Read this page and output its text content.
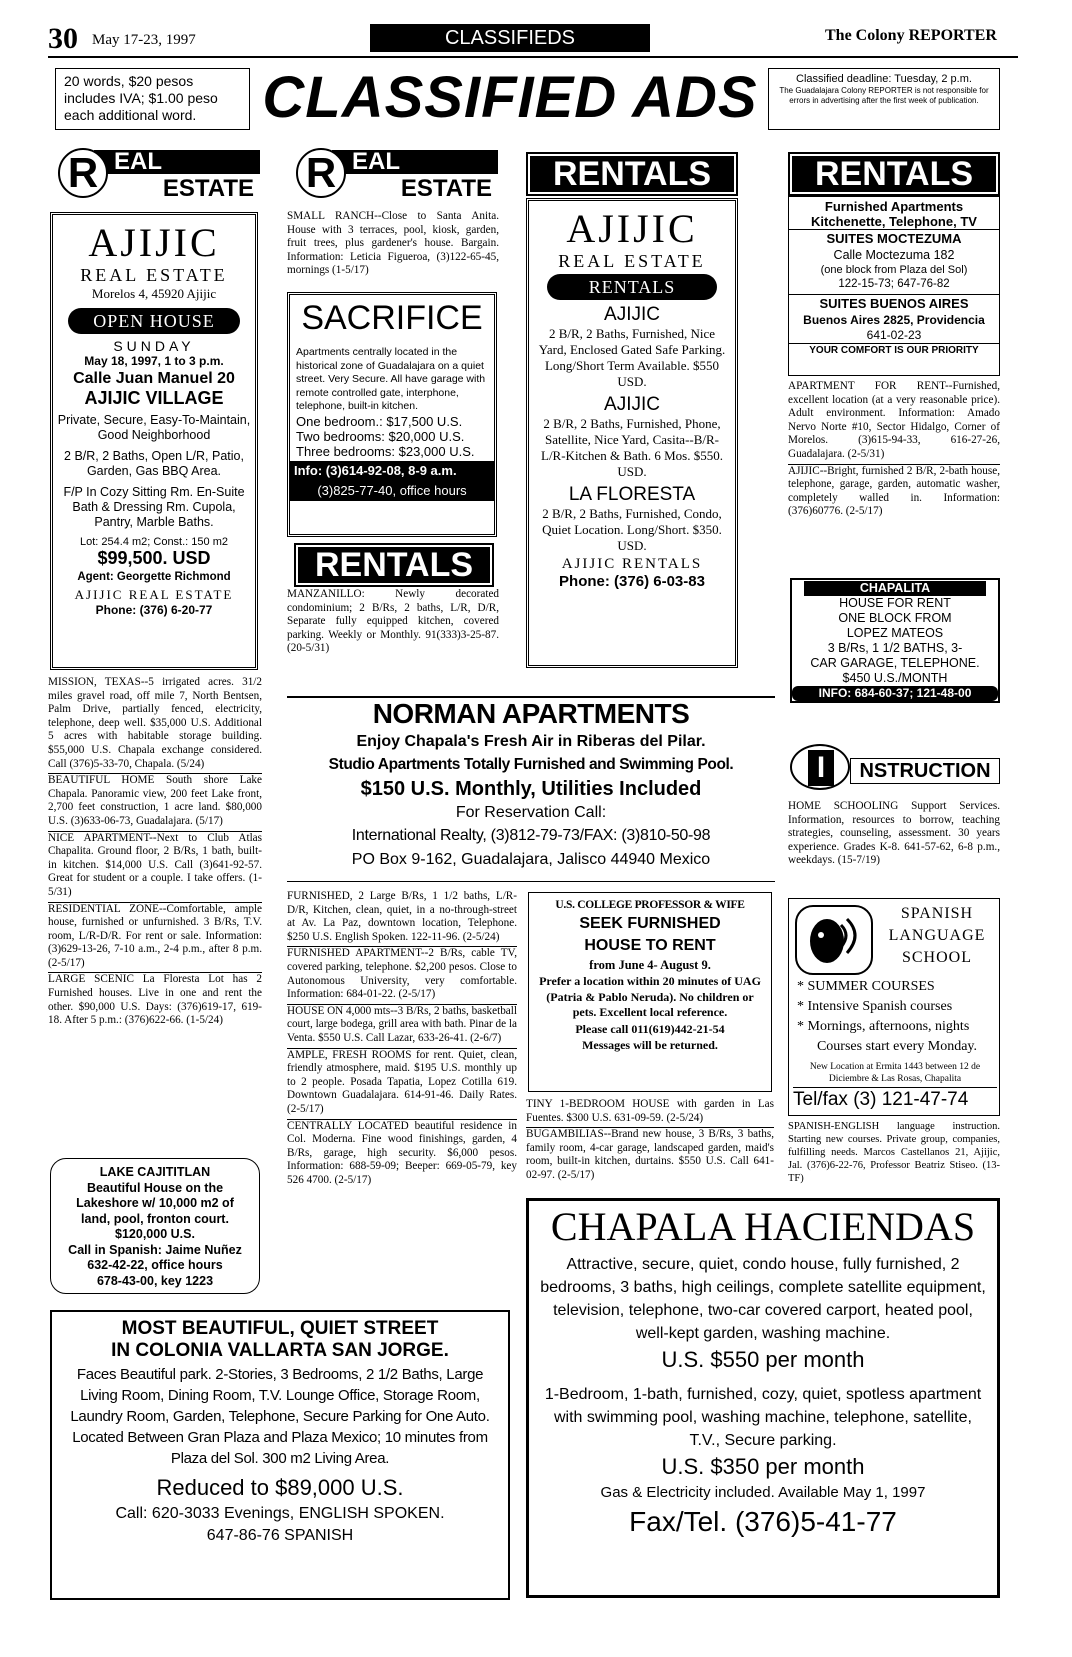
30 May 17-23, 1997	CLASSIFIEDS	The Colony REPORTER
20 words, $20 pesos includes IVA; $1.00 peso each additional word.	CLASSIFIED ADS	Classified deadline: Tuesday, 2 p.m.
The Guadalajara Colony REPORTER is not responsible for errors in advertising after the first week of publication.
EAL
R	ESTATE
AJIJIC
REAL ESTATE
Morelos 4, 45920 Ajijic
OPEN HOUSE
SUNDAY
May 18, 1997, 1 to 3 p.m.
Calle Juan Manuel 20
AJIJIC VILLAGE
Private, Secure, Easy-To-Maintain, Good Neighborhood
2 B/R, 2 Baths, Open L/R, Patio, Garden, Gas BBQ Area.
F/P In Cozy Sitting Rm. En-Suite Bath & Dressing Rm. Cupola, Pantry, Marble Baths.
Lot: 254.4 m2; Const.: 150 m2
$99,500. USD
Agent: Georgette Richmond
AJIJIC REAL ESTATE
Phone: (376) 6-20-77

MISSION, TEXAS--5 irrigated acres. 31/2 miles gravel road, off mile 7, North Bentsen, Palm Drive, partially fenced, electricity, telephone, deep well. $35,000 U.S. Additional 5 acres with habitable storage building. $55,000 U.S. Chapala exchange considered. Call (376)5-33-70, Chapala. (5/24)

BEAUTIFUL HOME South shore Lake Chapala. Panoramic view, 200 feet Lake front, 2,700 feet construction, 1 acre land. $80,000 U.S. (3)633-06-73, Guadalajara. (5/17)

NICE APARTMENT--Next to Club Atlas Chapalita. Ground floor, 2 B/Rs, 1 bath, built-in kitchen. $14,000 U.S. Call (3)641-92-57. Great for student or a couple. I take offers. (1-5/31)

RESIDENTIAL ZONE--Comfortable, ample house, furnished or unfurnished. 3 B/Rs, T.V. room, L/R-D/R. For rent or sale. Information: (3)629-13-26, 7-10 a.m., 2-4 p.m., after 8 p.m. (2-5/17)

LARGE SCENIC La Floresta Lot has 2 Furnished houses. Live in one and rent the other. $90,000 U.S. Days: (376)619-17, 619-18. After 5 p.m.: (376)622-66. (1-5/24)

LAKE CAJITITLAN
Beautiful House on the
Lakeshore w/ 10,000 m2 of
land, pool, fronton court.
$120,000 U.S.
Call in Spanish: Jaime Nuñez
632-42-22, office hours
678-43-00, key 1223
EAL
R	ESTATE
SMALL RANCH--Close to Santa Anita. House with 3 terraces, pool, kiosk, garden, fruit trees, plus gardener's house. Bargain. Information: Leticia Figueroa, (3)122-65-45, mornings (1-5/17)
SACRIFICE
Apartments centrally located in the historical zone of Guadalajara on a quiet street. Very Secure. All have garage with remote controlled gate, interphone, telephone, built-in kitchen.
One bedroom.: $17,500 U.S.
Two bedrooms: $20,000 U.S.
Three bedrooms: $23,000 U.S.
Info: (3)614-92-08, 8-9 a.m.
(3)825-77-40, office hours
RENTALS
MANZANILLO: Newly decorated condominium; 2 B/Rs, 2 baths, L/R, D/R, Separate fully equipped kitchen, covered parking. Weekly or Monthly. 91(333)3-25-87. (20-5/31)
RENTALS
AJIJIC
REAL ESTATE
RENTALS
AJIJIC
2 B/R, 2 Baths, Furnished, Nice Yard, Enclosed Gated Safe Parking. Long/Short Term Available. $550 USD.
AJIJIC
2 B/R, 2 Baths, Furnished, Phone, Satellite, Nice Yard, Casita--B/R-L/R-Kitchen & Bath. 6 Mos. $550. USD.
LA FLORESTA
2 B/R, 2 Baths, Furnished, Condo, Quiet Location. Long/Short. $350. USD.
AJIJIC RENTALS
Phone: (376) 6-03-83
RENTALS
Furnished Apartments
Kitchenette, Telephone, TV
SUITES MOCTEZUMA
Calle Moctezuma 182
(one block from Plaza del Sol)
122-15-73; 647-76-82
SUITES BUENOS AIRES
Buenos Aires 2825, Providencia
641-02-23
YOUR COMFORT IS OUR PRIORITY

APARTMENT FOR RENT--Furnished, excellent location (at a very reasonable price). Adult environment. Information: Amado Nervo Norte #10, Sector Hidalgo, Corner of Morelos. (3)615-94-33, 616-27-26, Guadalajara. (2-5/31)

AJIJIC--Bright, furnished 2 B/R, 2-bath house, telephone, garage, garden, automatic washer, completely walled in. Information: (376)60776. (2-5/17)

CHAPALITA
HOUSE FOR RENT
ONE BLOCK FROM
LOPEZ MATEOS
3 B/Rs, 1 1/2 BATHS, 3-
CAR GARAGE, TELEPHONE.
$450 U.S./MONTH
INFO: 684-60-37; 121-48-00
I	NSTRUCTION
HOME SCHOOLING Support Services. Information, resources to borrow, teaching strategies, counseling, assessment. 30 years experience. Grades K-8. 641-57-62, 6-8 p.m., weekdays. (15-7/19)
SPANISH
LANGUAGE
SCHOOL
* SUMMER COURSES
* Intensive Spanish courses
* Mornings, afternoons, nights
Courses start every Monday.
New Location at Ermita 1443 between 12 de Diciembre & Las Rosas, Chapalita
Tel/fax (3) 121-47-74
SPANISH-ENGLISH language instruction. Starting new courses. Private group, companies, fulfilling needs. Marcos Castellanos 21, Ajijic, Jal. (376)6-22-76, Professor Beatriz Stiseo. (13-TF)
NORMAN APARTMENTS
Enjoy Chapala's Fresh Air in Riberas del Pilar.
Studio Apartments Totally Furnished and Swimming Pool.
$150 U.S. Monthly, Utilities Included
For Reservation Call:
International Realty, (3)812-79-73/FAX: (3)810-50-98
PO Box 9-162, Guadalajara, Jalisco 44940 Mexico

FURNISHED, 2 Large B/Rs, 1 1/2 baths, L/R-D/R, Kitchen, clean, quiet, in a no-through-street at Av. La Paz, downtown location, Telephone. $250 U.S. English Spoken. 122-11-96. (2-5/24)

FURNISHED APARTMENT--2 B/Rs, cable TV, covered parking, telephone. $2,200 pesos. Close to Autonomous University, very comfortable. Information: 684-01-22. (2-5/17)

HOUSE ON 4,000 mts--3 B/Rs, 2 baths, basketball court, large bodega, grill area with bath. Pinar de la Venta. $550 U.S. Call Lazar, 633-26-41. (2-6/7)

AMPLE, FRESH ROOMS for rent. Quiet, clean, friendly atmosphere, maid. $195 U.S. monthly up to 2 people. Posada Tapatia, Lopez Cotilla 619. Downtown Guadalajara. 614-91-46. Daily Rates. (2-5/17)

CENTRALLY LOCATED beautiful residence in Col. Moderna. Fine wood finishings, garden, 4 B/Rs, garage, high security. $6,000 pesos. Information: 688-59-09; Beeper: 669-05-79, key 526 4700. (2-5/17)

U.S. COLLEGE PROFESSOR & WIFE
SEEK FURNISHED
HOUSE TO RENT
from June 4- August 9.
Prefer a location within 20 minutes of UAG (Patria & Pablo Neruda). No children or pets. Excellent local reference.
Please call 011(619)442-21-54
Messages will be returned.

TINY 1-BEDROOM HOUSE with garden in Las Fuentes. $300 U.S. 631-09-59. (2-5/24)

BUGAMBILIAS--Brand new house, 3 B/Rs, 3 baths, family room, 4-car garage, landscaped garden, maid's room, built-in kitchen, durtains. $550 U.S. Call 641-02-97. (2-5/17)

MOST BEAUTIFUL, QUIET STREET
IN COLONIA VALLARTA SAN JORGE.
Faces Beautiful park. 2-Stories, 3 Bedrooms, 2 1/2 Baths, Large Living Room, Dining Room, T.V. Lounge Office, Storage Room, Laundry Room, Garden, Telephone, Secure Parking for One Auto. Located Between Gran Plaza and Plaza Mexico; 10 minutes from Plaza del Sol. 300 m2 Living Area.
Reduced to $89,000 U.S.
Call: 620-3033 Evenings, ENGLISH SPOKEN.
647-86-76 SPANISH
CHAPALA HACIENDAS
Attractive, secure, quiet, condo house, fully furnished, 2 bedrooms, 3 baths, high ceilings, complete satellite equipment, television, telephone, two-car covered carport, heated pool, well-kept garden, washing machine.
U.S. $550 per month
1-Bedroom, 1-bath, furnished, cozy, quiet, spotless apartment with swimming pool, washing machine, telephone, satellite, T.V., Secure parking.
U.S. $350 per month
Gas & Electricity included. Available May 1, 1997
Fax/Tel. (376)5-41-77
